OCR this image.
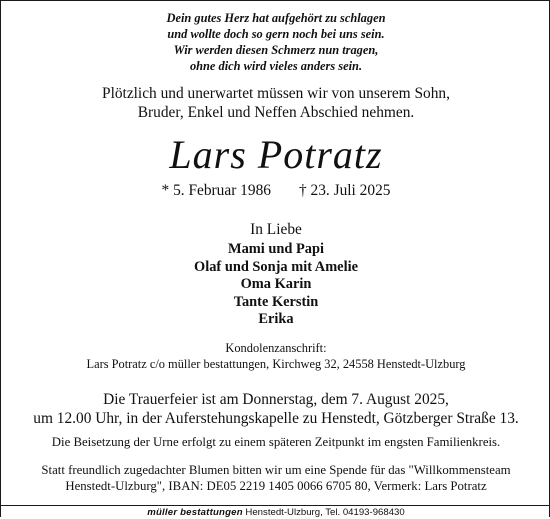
Dein gutes Herz hat aufgehört zu schlagen
und wollte doch so gern noch bei uns sein.
Wir werden diesen Schmerz nun tragen,
ohne dich wird vieles anders sein.
Plötzlich und unerwartet müssen wir von unserem Sohn,
Bruder, Enkel und Neffen Abschied nehmen.
Lars Potratz
* 5. Februar 1986 † 23. Juli 2025
In Liebe
Mami und Papi
Olaf und Sonja mit Amelie
Oma Karin
Tante Kerstin
Erika
Kondolenzanschrift:
Lars Potratz c/o müller bestattungen, Kirchweg 32, 24558 Henstedt-Ulzburg
Die Trauerfeier ist am Donnerstag, dem 7. August 2025,
um 12.00 Uhr, in der Auferstehungskapelle zu Henstedt, Götzberger Straße 13.
Die Beisetzung der Urne erfolgt zu einem späteren Zeitpunkt im engsten Familienkreis.
Statt freundlich zugedachter Blumen bitten wir um eine Spende für das "Willkommensteam
Henstedt-Ulzburg", IBAN: DE05 2219 1405 0066 6705 80, Vermerk: Lars Potratz
müller bestattungen Henstedt-Ulzburg, Tel. 04193-968430
